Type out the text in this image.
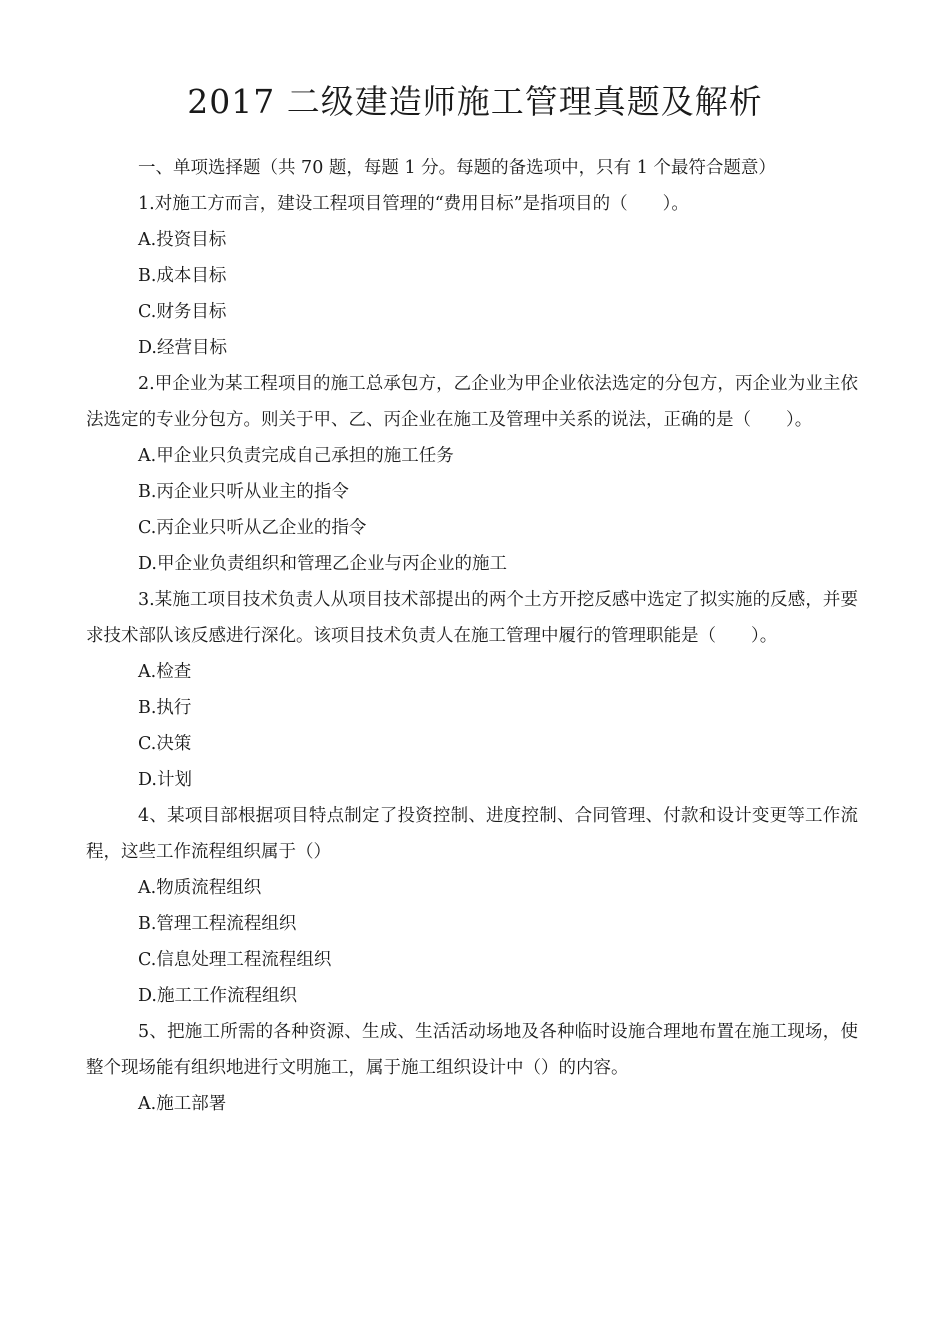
2017 二级建造师施工管理真题及解析
一、单项选择题（共 70 题，每题 1 分。每题的备选项中，只有 1 个最符合题意）
1.对施工方而言，建设工程项目管理的“费用目标”是指项目的（　　）。
A.投资目标
B.成本目标
C.财务目标
D.经营目标
2.甲企业为某工程项目的施工总承包方，乙企业为甲企业依法选定的分包方，丙企业为业主依法选定的专业分包方。则关于甲、乙、丙企业在施工及管理中关系的说法，正确的是（　　）。
A.甲企业只负责完成自己承担的施工任务
B.丙企业只听从业主的指令
C.丙企业只听从乙企业的指令
D.甲企业负责组织和管理乙企业与丙企业的施工
3.某施工项目技术负责人从项目技术部提出的两个土方开挖反感中选定了拟实施的反感，并要求技术部队该反感进行深化。该项目技术负责人在施工管理中履行的管理职能是（　　）。
A.检查
B.执行
C.决策
D.计划
4、某项目部根据项目特点制定了投资控制、进度控制、合同管理、付款和设计变更等工作流程，这些工作流程组织属于（）
A.物质流程组织
B.管理工程流程组织
C.信息处理工程流程组织
D.施工工作流程组织
5、把施工所需的各种资源、生成、生活活动场地及各种临时设施合理地布置在施工现场，使整个现场能有组织地进行文明施工，属于施工组织设计中（）的内容。
A.施工部署
